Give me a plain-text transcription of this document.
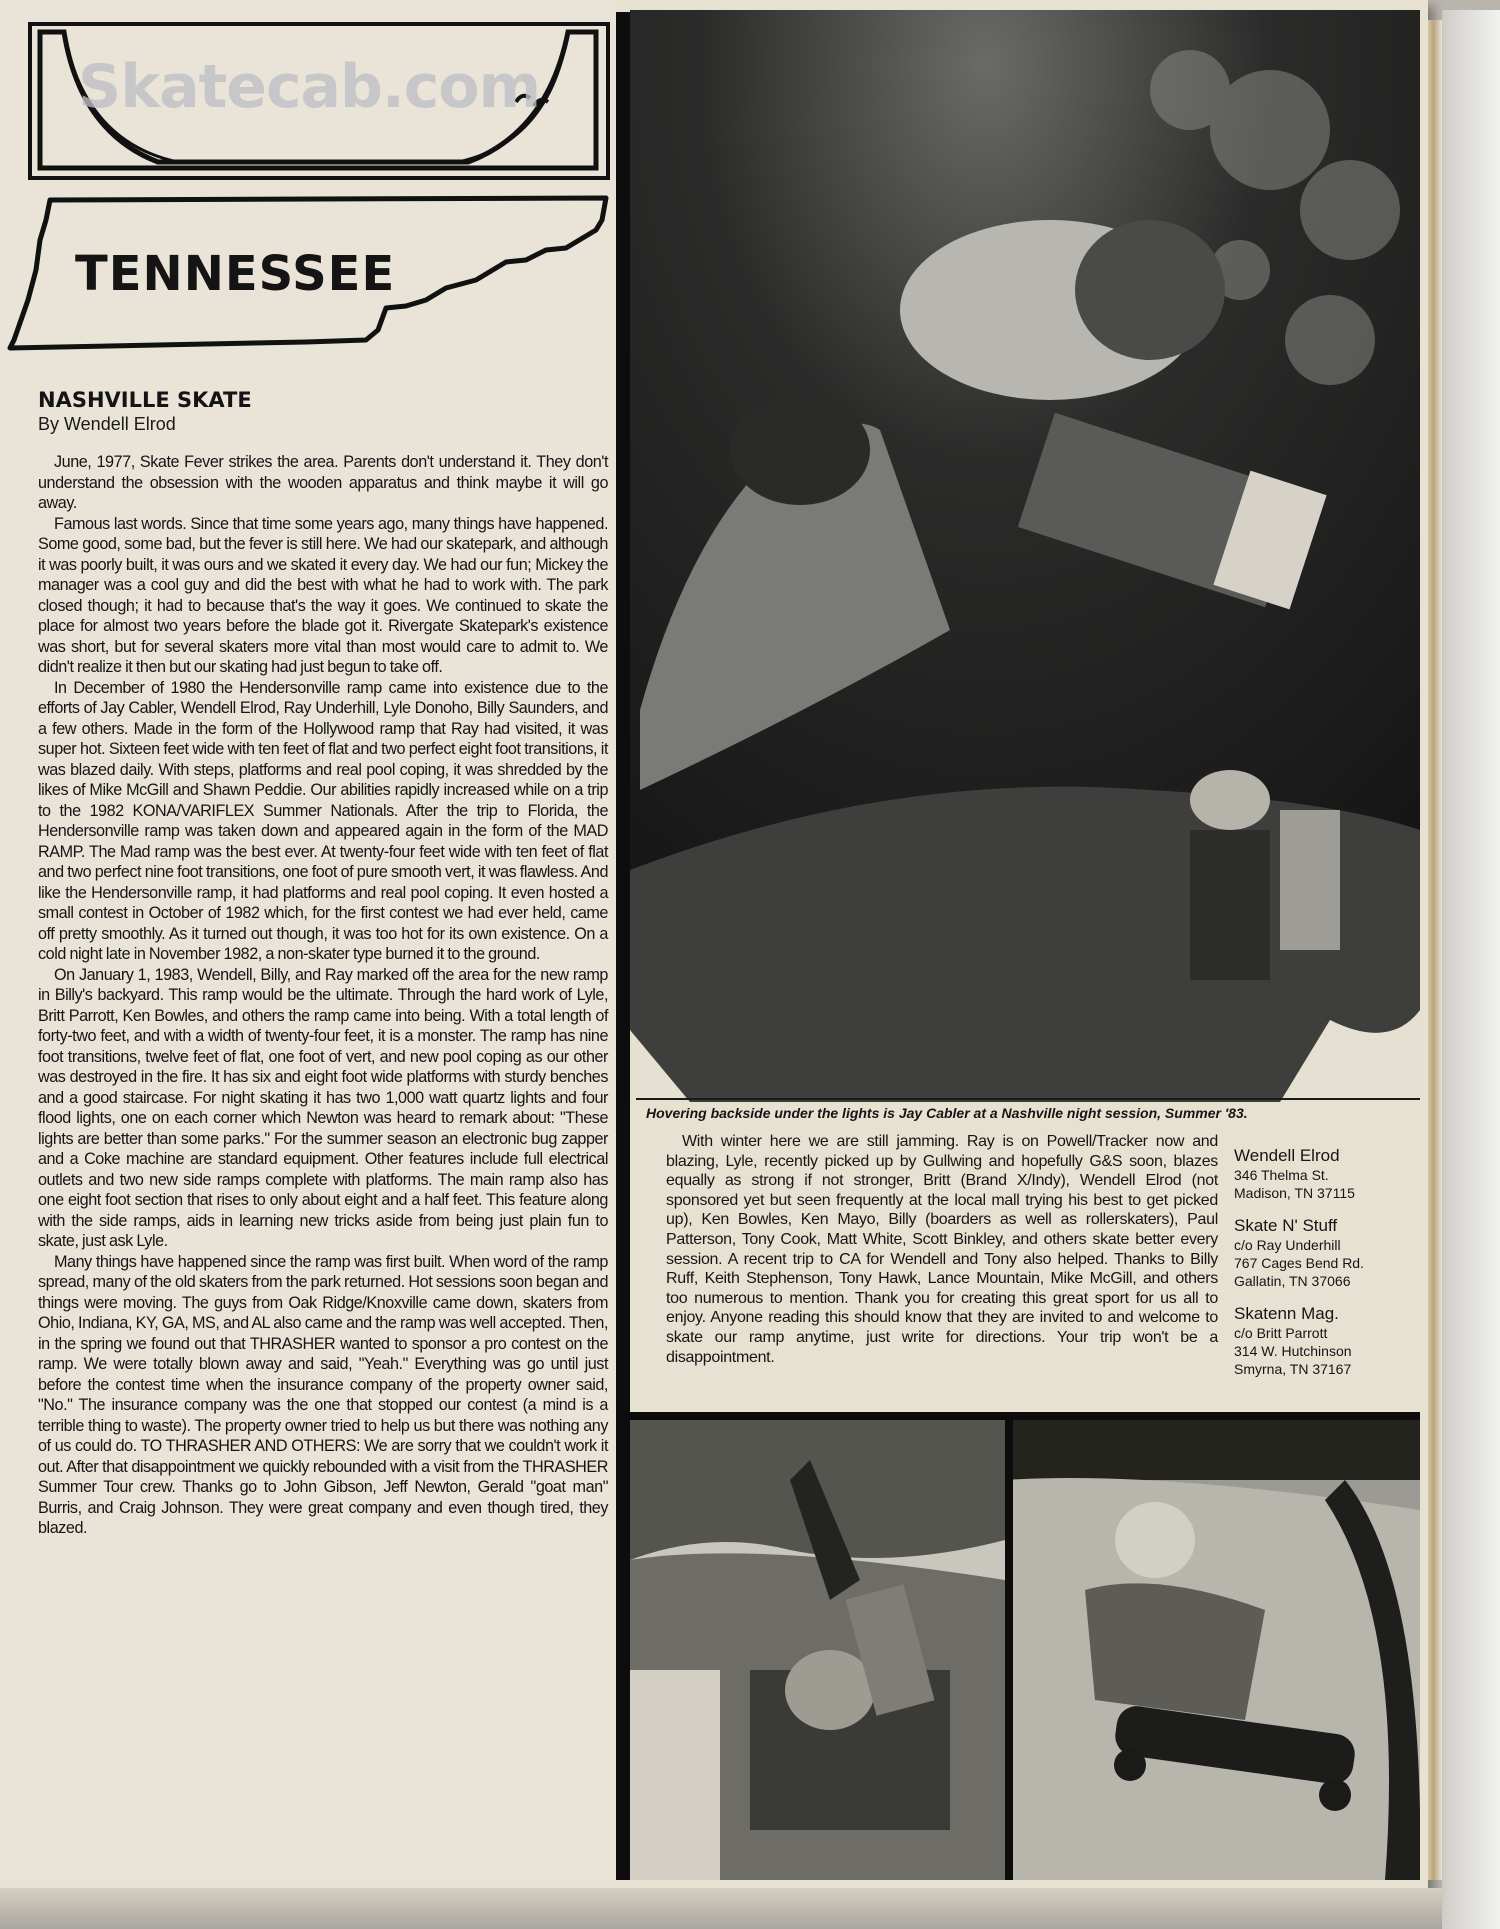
Skatecab.com
TENNESSEE
NASHVILLE SKATE
By Wendell Elrod

June, 1977, Skate Fever strikes the area. Parents don't understand it. They don't understand the obsession with the wooden apparatus and think maybe it will go away.

Famous last words. Since that time some years ago, many things have happened. Some good, some bad, but the fever is still here. We had our skatepark, and although it was poorly built, it was ours and we skated it every day. We had our fun; Mickey the manager was a cool guy and did the best with what he had to work with. The park closed though; it had to because that's the way it goes. We continued to skate the place for almost two years before the blade got it. Rivergate Skatepark's existence was short, but for several skaters more vital than most would care to admit to. We didn't realize it then but our skating had just begun to take off.

In December of 1980 the Hendersonville ramp came into existence due to the efforts of Jay Cabler, Wendell Elrod, Ray Underhill, Lyle Donoho, Billy Saunders, and a few others. Made in the form of the Hollywood ramp that Ray had visited, it was super hot. Sixteen feet wide with ten feet of flat and two perfect eight foot transitions, it was blazed daily. With steps, platforms and real pool coping, it was shredded by the likes of Mike McGill and Shawn Peddie. Our abilities rapidly increased while on a trip to the 1982 KONA/VARIFLEX Summer Nationals. After the trip to Florida, the Hendersonville ramp was taken down and appeared again in the form of the MAD RAMP. The Mad ramp was the best ever. At twenty-four feet wide with ten feet of flat and two perfect nine foot transitions, one foot of pure smooth vert, it was flawless. And like the Hendersonville ramp, it had platforms and real pool coping. It even hosted a small contest in October of 1982 which, for the first contest we had ever held, came off pretty smoothly. As it turned out though, it was too hot for its own existence. On a cold night late in November 1982, a non-skater type burned it to the ground.

On January 1, 1983, Wendell, Billy, and Ray marked off the area for the new ramp in Billy's backyard. This ramp would be the ultimate. Through the hard work of Lyle, Britt Parrott, Ken Bowles, and others the ramp came into being. With a total length of forty-two feet, and with a width of twenty-four feet, it is a monster. The ramp has nine foot transitions, twelve feet of flat, one foot of vert, and new pool coping as our other was destroyed in the fire. It has six and eight foot wide platforms with sturdy benches and a good staircase. For night skating it has two 1,000 watt quartz lights and four flood lights, one on each corner which Newton was heard to remark about: "These lights are better than some parks." For the summer season an electronic bug zapper and a Coke machine are standard equipment. Other features include full electrical outlets and two new side ramps complete with platforms. The main ramp also has one eight foot section that rises to only about eight and a half feet. This feature along with the side ramps, aids in learning new tricks aside from being just plain fun to skate, just ask Lyle.

Many things have happened since the ramp was first built. When word of the ramp spread, many of the old skaters from the park returned. Hot sessions soon began and things were moving. The guys from Oak Ridge/Knoxville came down, skaters from Ohio, Indiana, KY, GA, MS, and AL also came and the ramp was well accepted. Then, in the spring we found out that THRASHER wanted to sponsor a pro contest on the ramp. We were totally blown away and said, "Yeah." Everything was go until just before the contest time when the insurance company of the property owner said, "No." The insurance company was the one that stopped our contest (a mind is a terrible thing to waste). The property owner tried to help us but there was nothing any of us could do. TO THRASHER AND OTHERS: We are sorry that we couldn't work it out. After that disappointment we quickly rebounded with a visit from the THRASHER Summer Tour crew. Thanks go to John Gibson, Jeff Newton, Gerald "goat man" Burris, and Craig Johnson. They were great company and even though tired, they blazed.

Hovering backside under the lights is Jay Cabler at a Nashville night session, Summer '83.

With winter here we are still jamming. Ray is on Powell/Tracker now and blazing, Lyle, recently picked up by Gullwing and hopefully G&S soon, blazes equally as strong if not stronger, Britt (Brand X/Indy), Wendell Elrod (not sponsored yet but seen frequently at the local mall trying his best to get picked up), Ken Bowles, Ken Mayo, Billy (boarders as well as rollerskaters), Paul Patterson, Tony Cook, Matt White, Scott Binkley, and others skate better every session. A recent trip to CA for Wendell and Tony also helped. Thanks to Billy Ruff, Keith Stephenson, Tony Hawk, Lance Mountain, Mike McGill, and others too numerous to mention. Thank you for creating this great sport for us all to enjoy. Anyone reading this should know that they are invited to and welcome to skate our ramp anytime, just write for directions. Your trip won't be a disappointment.

Wendell Elrod
346 Thelma St.
Madison, TN 37115
Skate N' Stuff
c/o Ray Underhill
767 Cages Bend Rd.
Gallatin, TN 37066
Skatenn Mag.
c/o Britt Parrott
314 W. Hutchinson
Smyrna, TN 37167
